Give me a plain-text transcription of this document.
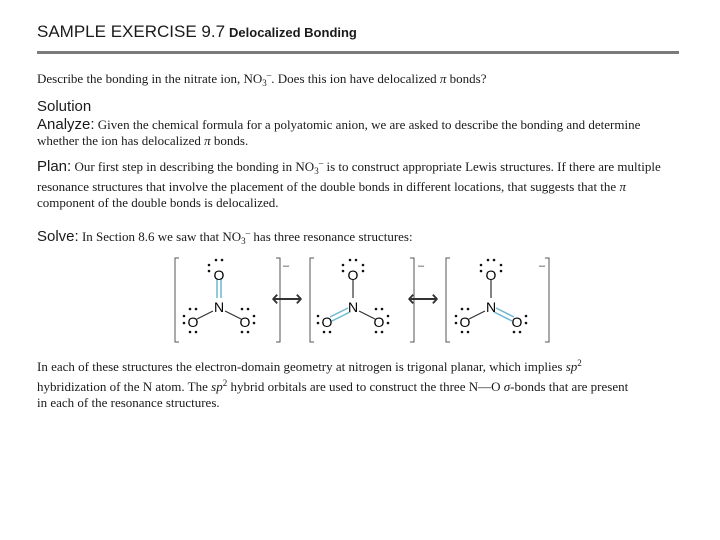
SAMPLE EXERCISE 9.7 Delocalized Bonding
Describe the bonding in the nitrate ion, $NO_3^-$. Does this ion have delocalized π bonds?
Solution
Analyze: Given the chemical formula for a polyatomic anion, we are asked to describe the bonding and determine whether the ion has delocalized π bonds.
Plan: Our first step in describing the bonding in $NO_3^-$ is to construct appropriate Lewis structures. If there are multiple resonance structures that involve the placement of the double bonds in different locations, that suggests that the π component of the double bonds is delocalized.
Solve: In Section 8.6 we saw that $NO_3^-$ has three resonance structures:
–
O
N
O	O
⟷
–
O
N
O	O
⟷
–
O
N
O	O
In each of these structures the electron-domain geometry at nitrogen is trigonal planar, which implies $sp^2$ hybridization of the N atom. The $sp^2$ hybrid orbitals are used to construct the three N—O σ-bonds that are present in each of the resonance structures.
